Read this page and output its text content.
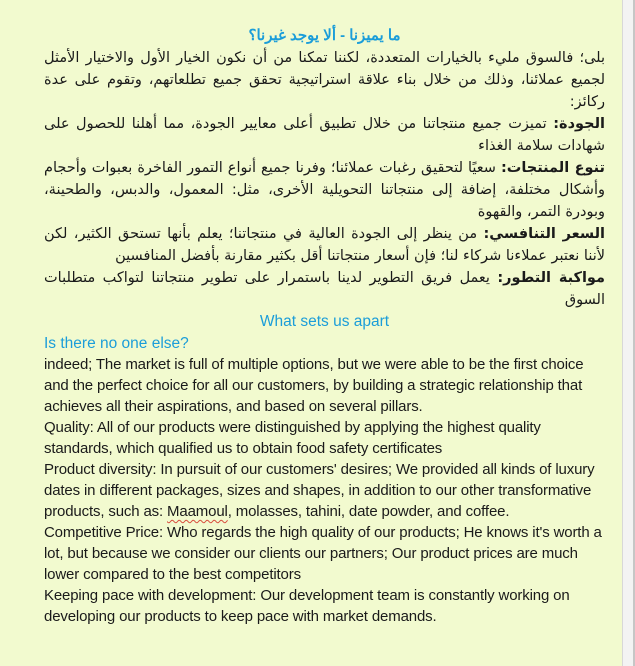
ما يميزنا - ألا يوجد غيرنا؟

بلى؛ فالسوق مليء بالخيارات المتعددة، لكننا تمكنا من أن نكون الخيار الأول والاختيار الأمثل لجميع عملائنا، وذلك من خلال بناء علاقة استراتيجية تحقق جميع تطلعاتهم، وتقوم على عدة ركائز:

الجودة: تميزت جميع منتجاتنا من خلال تطبيق أعلى معايير الجودة، مما أهلنا للحصول على شهادات سلامة الغذاء

تنوع المنتجات: سعيًا لتحقيق رغبات عملائنا؛ وفرنا جميع أنواع التمور الفاخرة بعبوات وأحجام وأشكال مختلفة، إضافة إلى منتجاتنا التحويلية الأخرى، مثل: المعمول، والدبس، والطحينة، وبودرة التمر، والقهوة

السعر التنافسي: من ينظر إلى الجودة العالية في منتجاتنا؛ يعلم بأنها تستحق الكثير، لكن لأننا نعتبر عملاءنا شركاء لنا؛ فإن أسعار منتجاتنا أقل بكثير مقارنة بأفضل المنافسين

مواكبة التطور: يعمل فريق التطوير لدينا باستمرار على تطوير منتجاتنا لتواكب متطلبات السوق

What sets us apart
Is there no one else?

indeed; The market is full of multiple options, but we were able to be the first choice and the perfect choice for all our customers, by building a strategic relationship that achieves all their aspirations, and based on several pillars.

Quality: All of our products were distinguished by applying the highest quality standards, which qualified us to obtain food safety certificates

Product diversity: In pursuit of our customers' desires; We provided all kinds of luxury dates in different packages, sizes and shapes, in addition to our other transformative products, such as: Maamoul, molasses, tahini, date powder, and coffee.

Competitive Price: Who regards the high quality of our products; He knows it's worth a lot, but because we consider our clients our partners; Our product prices are much lower compared to the best competitors

Keeping pace with development: Our development team is constantly working on developing our products to keep pace with market demands.
